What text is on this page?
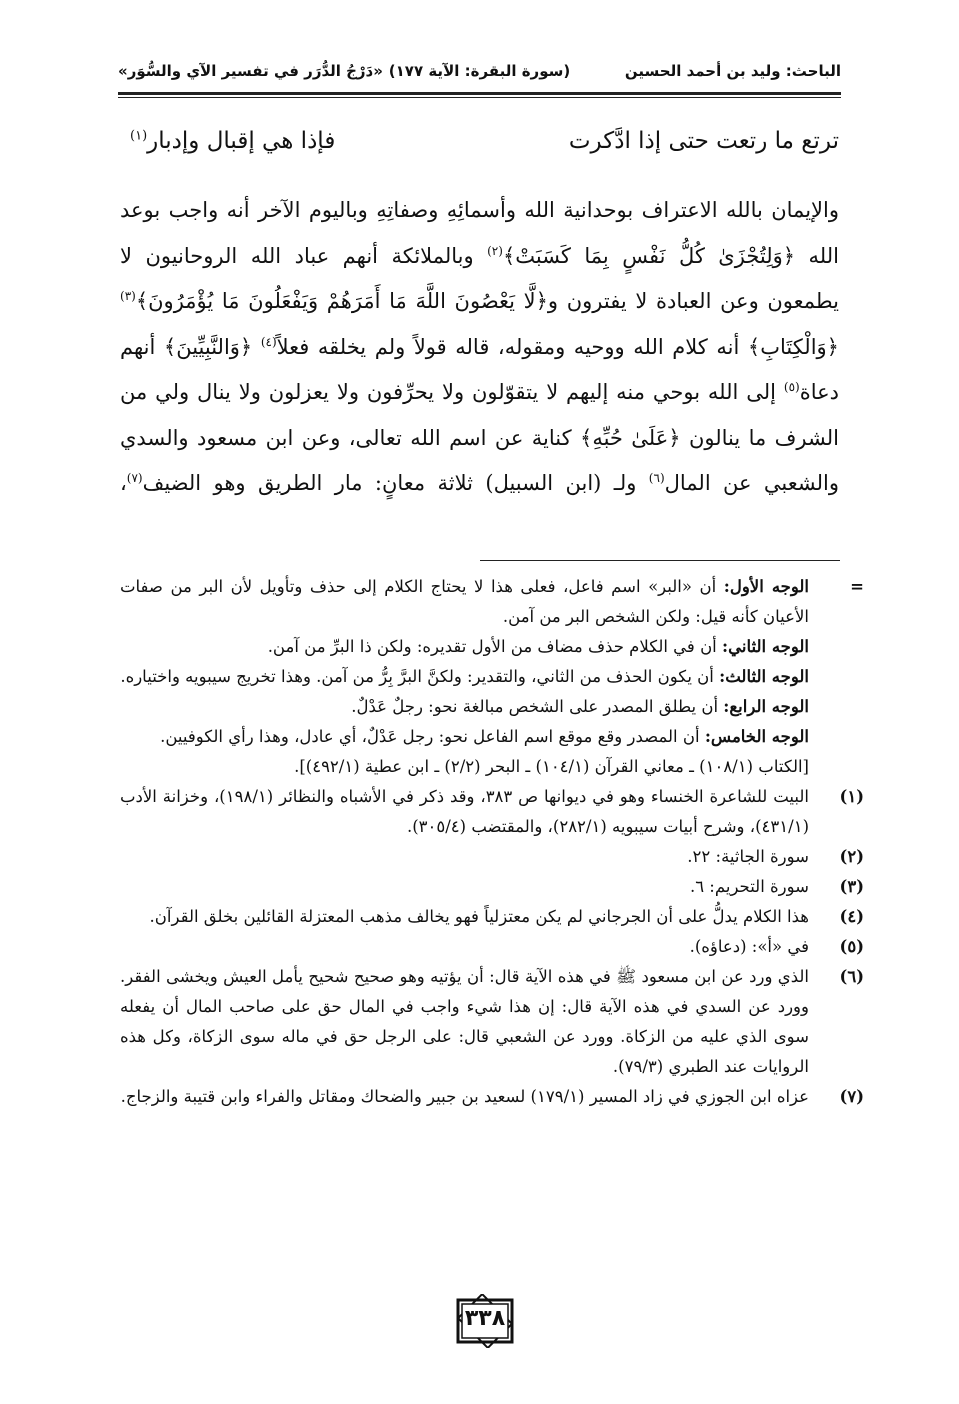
الباحث: وليد بن أحمد الحسين
(سورة البقرة: الآية ١٧٧)
«دَرْجُ الدُّرَر في تفسير الآي والسُّوَر»
ترتع ما رتعت حتى إذا ادَّكرت
فإذا هي إقبال وإدبار$^{(١)}$

والإيمان بالله الاعتراف بوحدانية الله وأسمائِهِ وصفاتِهِ وباليوم الآخر أنه واجب بوعد الله ﴿وَلِتُجْزَىٰ كُلُّ نَفْسٍ بِمَا كَسَبَتْ﴾$^{(٢)}$ وبالملائكة أنهم عباد الله الروحانيون لا يطمعون وعن العبادة لا يفترون و﴿لَّا يَعْصُونَ اللَّهَ مَا أَمَرَهُمْ وَيَفْعَلُونَ مَا يُؤْمَرُونَ﴾$^{(٣)}$ ﴿وَالْكِتَابِ﴾ أنه كلام الله ووحيه ومقوله، قاله قولاً ولم يخلقه فعلاً$^{(٤)}$ ﴿وَالنَّبِيِّينَ﴾ أنهم دعاة$^{(٥)}$ إلى الله بوحي منه إليهم لا يتقوّلون ولا يحرِّفون ولا يعزلون ولا ينال ولي من الشرف ما ينالون ﴿عَلَىٰ حُبِّهِ﴾ كناية عن اسم الله تعالى، وعن ابن مسعود والسدي والشعبي عن المال$^{(٦)}$ ولـ (ابن السبيل) ثلاثة معانٍ: مار الطريق وهو الضيف$^{(٧)}$،

=

الوجه الأول: أن «البر» اسم فاعل، فعلى هذا لا يحتاج الكلام إلى حذف وتأويل لأن البر من صفات الأعيان كأنه قيل: ولكن الشخص البر من آمن.

الوجه الثاني: أن في الكلام حذف مضاف من الأول تقديره: ولكن ذا البرِّ من آمن.

الوجه الثالث: أن يكون الحذف من الثاني، والتقدير: ولكنَّ البرَّ بِرُّ من آمن. وهذا تخريج سيبويه واختياره.

الوجه الرابع: أن يطلق المصدر على الشخص مبالغة نحو: رجلٌ عَدْلٌ.

الوجه الخامس: أن المصدر وقع موقع اسم الفاعل نحو: رجل عَدْلٌ، أي عادل، وهذا رأي الكوفيين.

[الكتاب (١٠٨/١) ـ معاني القرآن (١٠٤/١) ـ البحر (٢/٢) ـ ابن عطية (٤٩٢/١)].

(١)

البيت للشاعرة الخنساء وهو في ديوانها ص ٣٨٣، وقد ذكر في الأشباه والنظائر (١٩٨/١)، وخزانة الأدب (٤٣١/١)، وشرح أبيات سيبويه (٢٨٢/١)، والمقتضب (٣٠٥/٤).

(٢)

سورة الجاثية: ٢٢.

(٣)

سورة التحريم: ٦.

(٤)

هذا الكلام يدلُّ على أن الجرجاني لم يكن معتزلياً فهو يخالف مذهب المعتزلة القائلين بخلق القرآن.

(٥)

في «أ»: (دعاؤه).

(٦)

الذي ورد عن ابن مسعود ﷺ في هذه الآية قال: أن يؤتيه وهو صحيح شحيح يأمل العيش ويخشى الفقر. وورد عن السدي في هذه الآية قال: إن هذا شيء واجب في المال حق على صاحب المال أن يفعله سوى الذي عليه من الزكاة. وورد عن الشعبي قال: على الرجل حق في ماله سوى الزكاة، وكل هذه الروايات عند الطبري (٧٩/٣).

(٧)

عزاه ابن الجوزي في زاد المسير (١٧٩/١) لسعيد بن جبير والضحاك ومقاتل والفراء وابن قتيبة والزجاج.

٣٣٨
